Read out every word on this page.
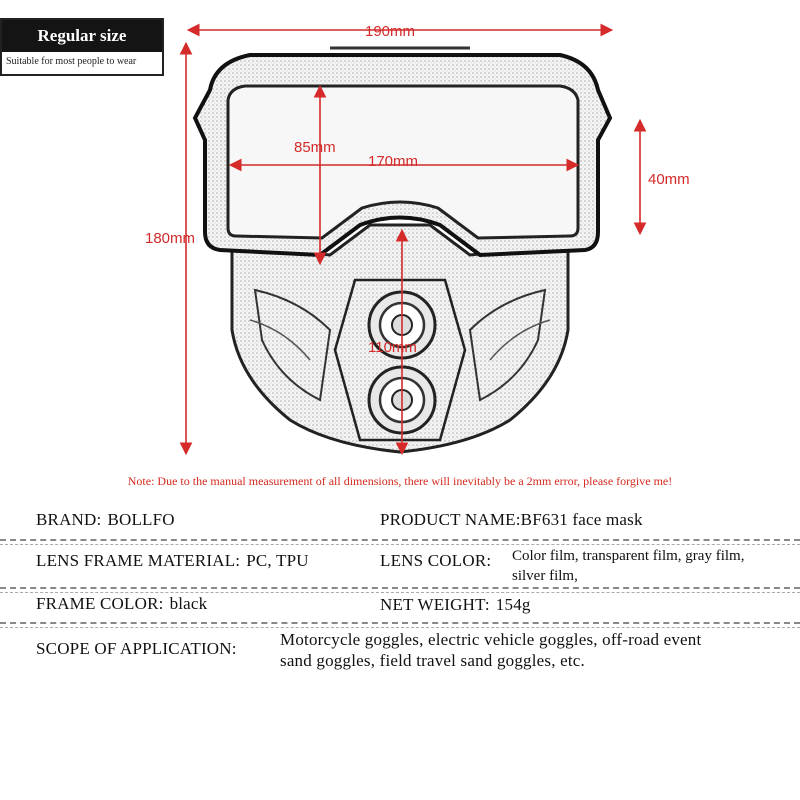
Regular size
Suitable for most people to wear
190mm
85mm
170mm
40mm
180mm
110mm
Note: Due to the manual measurement of all dimensions, there will inevitably be a 2mm error, please forgive me!
BRAND: BOLLFO	PRODUCT NAME:BF631 face mask
LENS FRAME MATERIAL: PC, TPU	LENS COLOR: Color film, transparent film, gray film,
silver film,
FRAME COLOR: black	NET WEIGHT: 154g
SCOPE OF APPLICATION:	Motorcycle goggles, electric vehicle goggles, off-road event
sand goggles, field travel sand goggles, etc.
